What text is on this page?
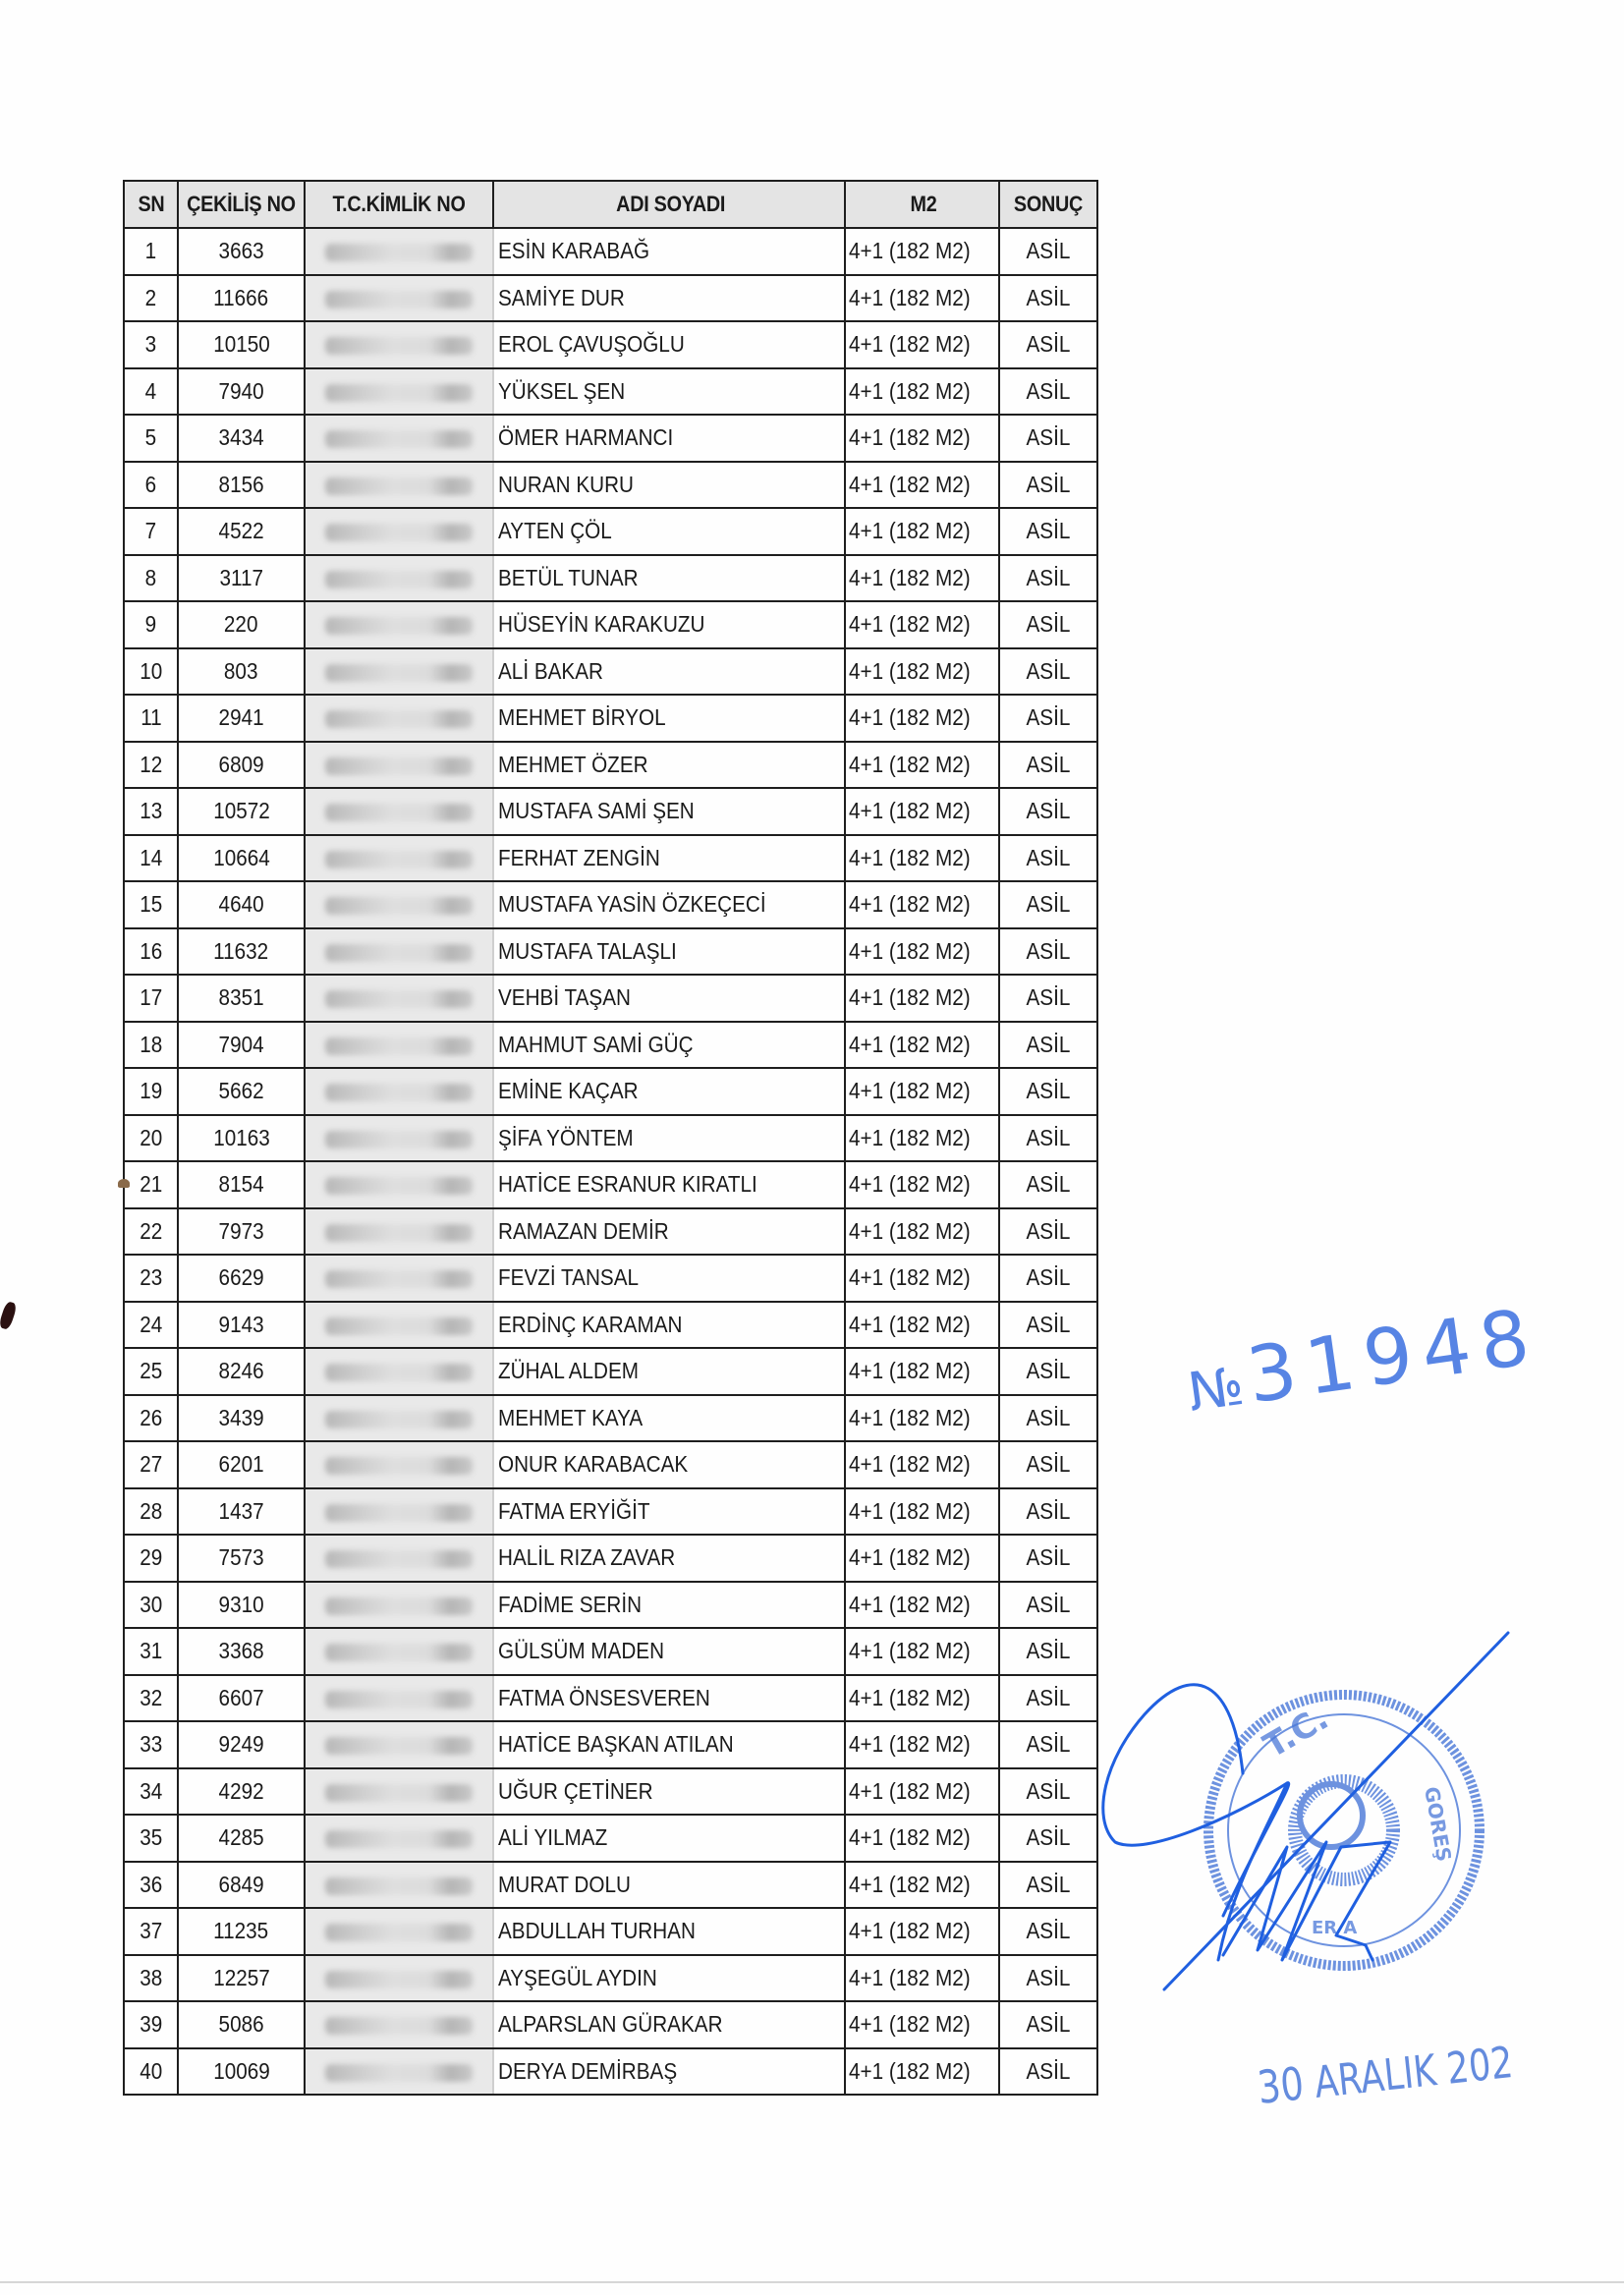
SN	ÇEKİLİŞ NO	T.C.KİMLİK NO	ADI SOYADI	M2	SONUÇ
1	3663		ESİN KARABAĞ	4+1 (182 M2)	ASİL
2	11666		SAMİYE DUR	4+1 (182 M2)	ASİL
3	10150		EROL ÇAVUŞOĞLU	4+1 (182 M2)	ASİL
4	7940		YÜKSEL ŞEN	4+1 (182 M2)	ASİL
5	3434		ÖMER HARMANCI	4+1 (182 M2)	ASİL
6	8156		NURAN KURU	4+1 (182 M2)	ASİL
7	4522		AYTEN ÇÖL	4+1 (182 M2)	ASİL
8	3117		BETÜL TUNAR	4+1 (182 M2)	ASİL
9	220		HÜSEYİN KARAKUZU	4+1 (182 M2)	ASİL
10	803		ALİ BAKAR	4+1 (182 M2)	ASİL
11	2941		MEHMET BİRYOL	4+1 (182 M2)	ASİL
12	6809		MEHMET ÖZER	4+1 (182 M2)	ASİL
13	10572		MUSTAFA SAMİ ŞEN	4+1 (182 M2)	ASİL
14	10664		FERHAT ZENGİN	4+1 (182 M2)	ASİL
15	4640		MUSTAFA YASİN ÖZKEÇECİ	4+1 (182 M2)	ASİL
16	11632		MUSTAFA TALAŞLI	4+1 (182 M2)	ASİL
17	8351		VEHBİ TAŞAN	4+1 (182 M2)	ASİL
18	7904		MAHMUT SAMİ GÜÇ	4+1 (182 M2)	ASİL
19	5662		EMİNE KAÇAR	4+1 (182 M2)	ASİL
20	10163		ŞİFA YÖNTEM	4+1 (182 M2)	ASİL
21	8154		HATİCE ESRANUR KIRATLI	4+1 (182 M2)	ASİL
22	7973		RAMAZAN DEMİR	4+1 (182 M2)	ASİL
23	6629		FEVZİ TANSAL	4+1 (182 M2)	ASİL
24	9143		ERDİNÇ KARAMAN	4+1 (182 M2)	ASİL
25	8246		ZÜHAL ALDEM	4+1 (182 M2)	ASİL
26	3439		MEHMET KAYA	4+1 (182 M2)	ASİL
27	6201		ONUR KARABACAK	4+1 (182 M2)	ASİL
28	1437		FATMA ERYİĞİT	4+1 (182 M2)	ASİL
29	7573		HALİL RIZA ZAVAR	4+1 (182 M2)	ASİL
30	9310		FADİME SERİN	4+1 (182 M2)	ASİL
31	3368		GÜLSÜM MADEN	4+1 (182 M2)	ASİL
32	6607		FATMA ÖNSESVEREN	4+1 (182 M2)	ASİL
33	9249		HATİCE BAŞKAN ATILAN	4+1 (182 M2)	ASİL
34	4292		UĞUR ÇETİNER	4+1 (182 M2)	ASİL
35	4285		ALİ YILMAZ	4+1 (182 M2)	ASİL
36	6849		MURAT DOLU	4+1 (182 M2)	ASİL
37	11235		ABDULLAH TURHAN	4+1 (182 M2)	ASİL
38	12257		AYŞEGÜL AYDIN	4+1 (182 M2)	ASİL
39	5086		ALPARSLAN GÜRAKAR	4+1 (182 M2)	ASİL
40	10069		DERYA DEMİRBAŞ	4+1 (182 M2)	ASİL
№31948
T.C.
GOREŞ
ER A
30 ARALIK 202
